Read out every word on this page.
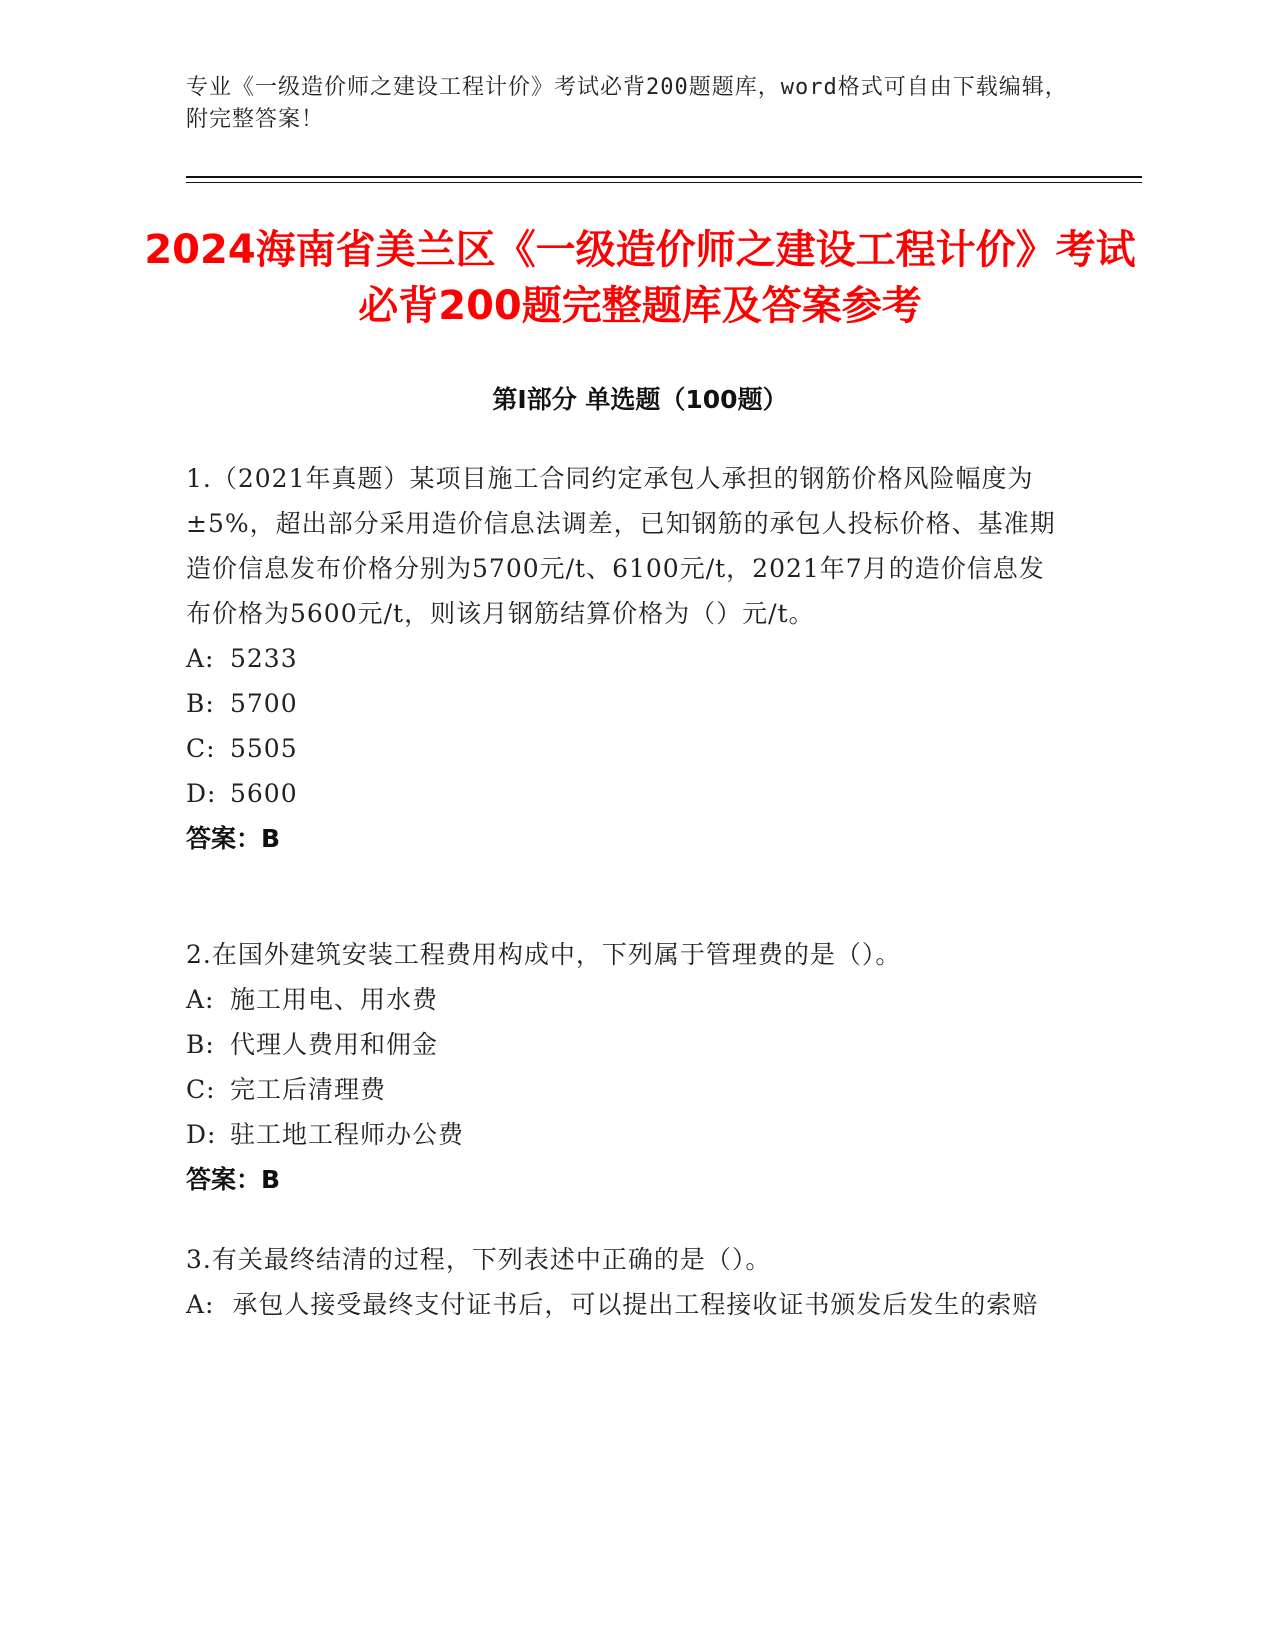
专业《一级造价师之建设工程计价》考试必背200题题库，word格式可自由下载编辑，附完整答案！
2024海南省美兰区《一级造价师之建设工程计价》考试必背200题完整题库及答案参考
第I部分 单选题（100题）
1.（2021年真题）某项目施工合同约定承包人承担的钢筋价格风险幅度为±5%，超出部分采用造价信息法调差，已知钢筋的承包人投标价格、基准期造价信息发布价格分别为5700元/t、6100元/t，2021年7月的造价信息发布价格为5600元/t，则该月钢筋结算价格为（）元/t。
A: 5233
B: 5700
C: 5505
D: 5600
答案：B
2.在国外建筑安装工程费用构成中，下列属于管理费的是（）。
A: 施工用电、用水费
B: 代理人费用和佣金
C: 完工后清理费
D: 驻工地工程师办公费
答案：B
3.有关最终结清的过程，下列表述中正确的是（）。
A: 承包人接受最终支付证书后，可以提出工程接收证书颁发后发生的索赔
